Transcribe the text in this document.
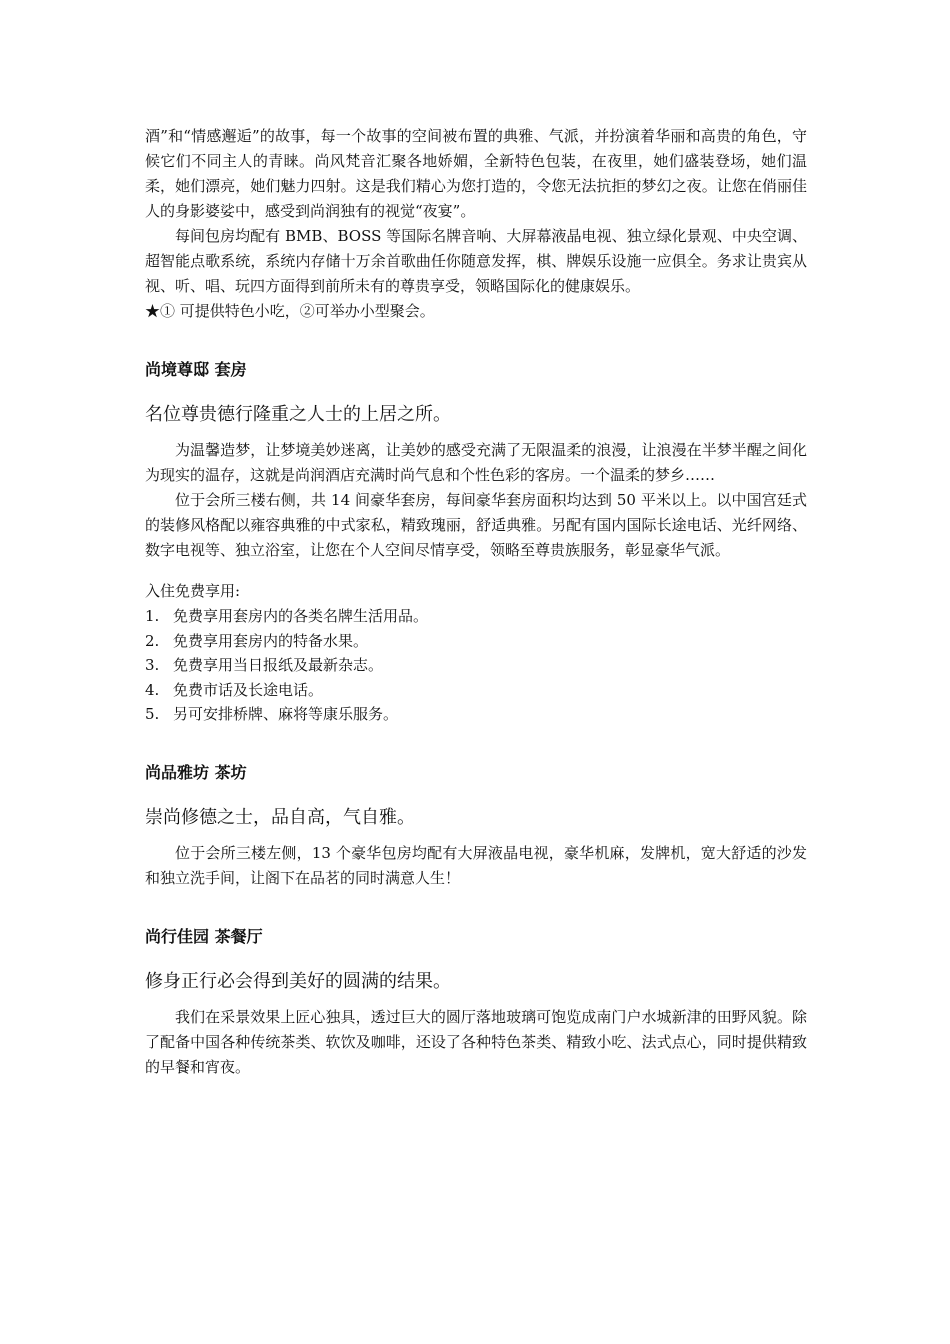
酒”和“情感邂逅”的故事，每一个故事的空间被布置的典雅、气派，并扮演着华丽和高贵的角色，守候它们不同主人的青睐。尚风梵音汇聚各地娇媚，全新特色包装，在夜里，她们盛装登场，她们温柔，她们漂亮，她们魅力四射。这是我们精心为您打造的，令您无法抗拒的梦幻之夜。让您在俏丽佳人的身影婆娑中，感受到尚润独有的视觉“夜宴”。

每间包房均配有 BMB、BOSS 等国际名牌音响、大屏幕液晶电视、独立绿化景观、中央空调、超智能点歌系统，系统内存储十万余首歌曲任你随意发挥，棋、牌娱乐设施一应俱全。务求让贵宾从视、听、唱、玩四方面得到前所未有的尊贵享受，领略国际化的健康娱乐。

★① 可提供特色小吃，②可举办小型聚会。

尚境尊邸 套房

名位尊贵德行隆重之人士的上居之所。

为温馨造梦，让梦境美妙迷离，让美妙的感受充满了无限温柔的浪漫，让浪漫在半梦半醒之间化为现实的温存，这就是尚润酒店充满时尚气息和个性色彩的客房。一个温柔的梦乡……

位于会所三楼右侧，共 14 间豪华套房，每间豪华套房面积均达到 50 平米以上。以中国宫廷式的装修风格配以雍容典雅的中式家私，精致瑰丽，舒适典雅。另配有国内国际长途电话、光纤网络、数字电视等、独立浴室，让您在个人空间尽情享受，领略至尊贵族服务，彰显豪华气派。

入住免费享用:

1. 免费享用套房内的各类名牌生活用品。
2. 免费享用套房内的特备水果。
3. 免费享用当日报纸及最新杂志。
4. 免费市话及长途电话。
5. 另可安排桥牌、麻将等康乐服务。
尚品雅坊 茶坊

崇尚修德之士，品自高，气自雅。

位于会所三楼左侧，13 个豪华包房均配有大屏液晶电视，豪华机麻，发牌机，宽大舒适的沙发和独立洗手间，让阁下在品茗的同时满意人生！

尚行佳园 茶餐厅

修身正行必会得到美好的圆满的结果。

我们在采景效果上匠心独具，透过巨大的圆厅落地玻璃可饱览成南门户水城新津的田野风貌。除了配备中国各种传统茶类、软饮及咖啡，还设了各种特色茶类、精致小吃、法式点心，同时提供精致的早餐和宵夜。
